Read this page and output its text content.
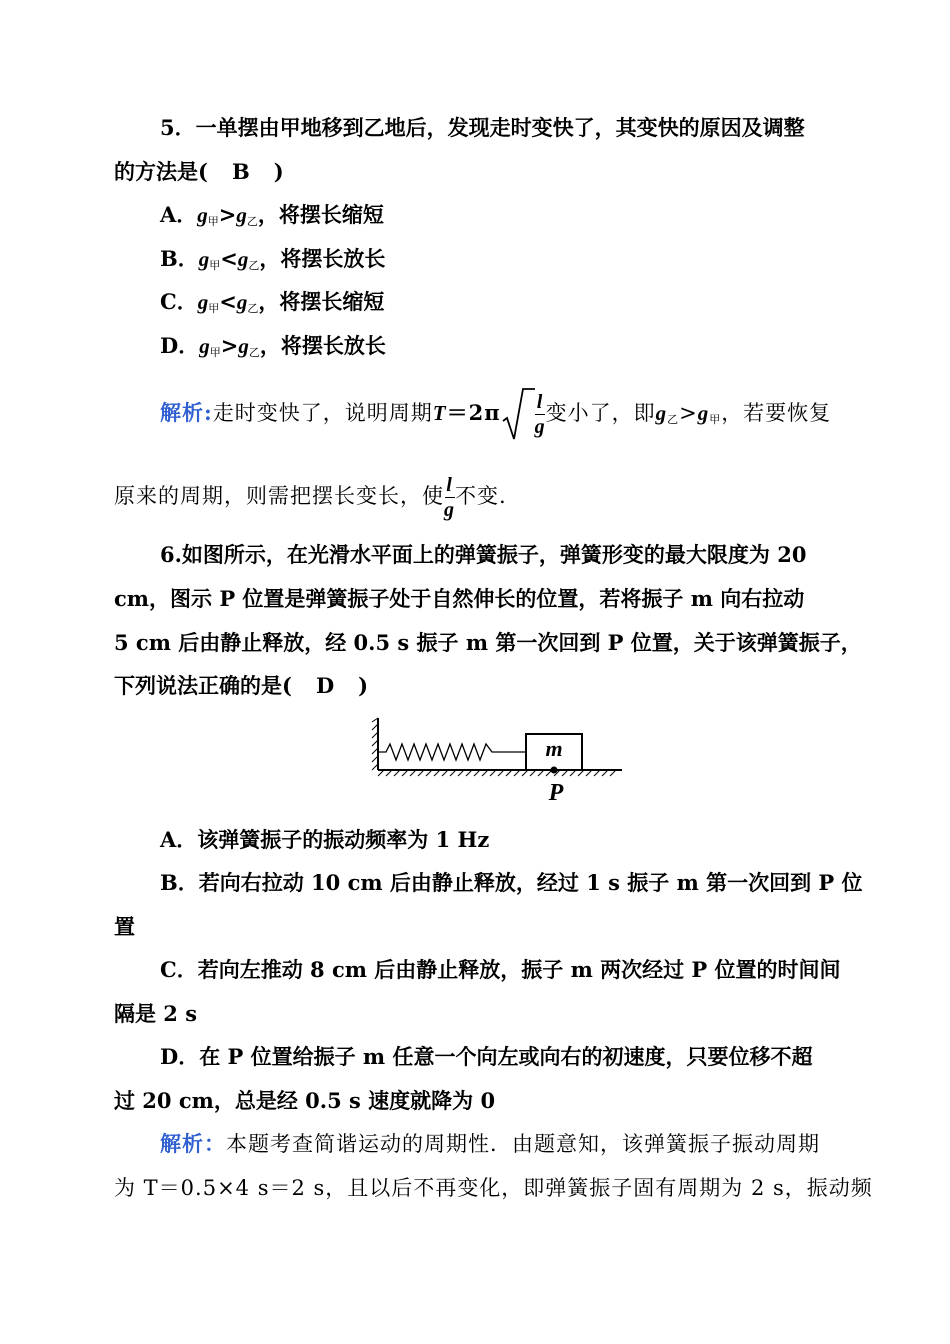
5．一单摆由甲地移到乙地后，发现走时变快了，其变快的原因及调整
的方法是( B )
A．$g_甲>g_乙$，将摆长缩短
B．$g_甲<g_乙$，将摆长放长
C．$g_甲<g_乙$，将摆长缩短
D．$g_甲>g_乙$，将摆长放长
解析:走时变快了，说明周期$T=2\pi \frac{l}{g}$ 变小了，即$g_乙>g_甲$，若要恢复
原来的周期，则需把摆长变长，使 $\frac{l}{g}$ 不变.
6.如图所示，在光滑水平面上的弹簧振子，弹簧形变的最大限度为 20
cm，图示 P 位置是弹簧振子处于自然伸长的位置，若将振子 m 向右拉动
5 cm 后由静止释放，经 0.5 s 振子 m 第一次回到 P 位置，关于该弹簧振子，
下列说法正确的是( D )
m
P
A．该弹簧振子的振动频率为 1 Hz
B．若向右拉动 10 cm 后由静止释放，经过 1 s 振子 m 第一次回到 P 位
置
C．若向左推动 8 cm 后由静止释放，振子 m 两次经过 P 位置的时间间
隔是 2 s
D．在 P 位置给振子 m 任意一个向左或向右的初速度，只要位移不超
过 20 cm，总是经 0.5 s 速度就降为 0
解析：本题考查简谐运动的周期性．由题意知，该弹簧振子振动周期
为 T＝0.5×4 s＝2 s，且以后不再变化，即弹簧振子固有周期为 2 s，振动频
